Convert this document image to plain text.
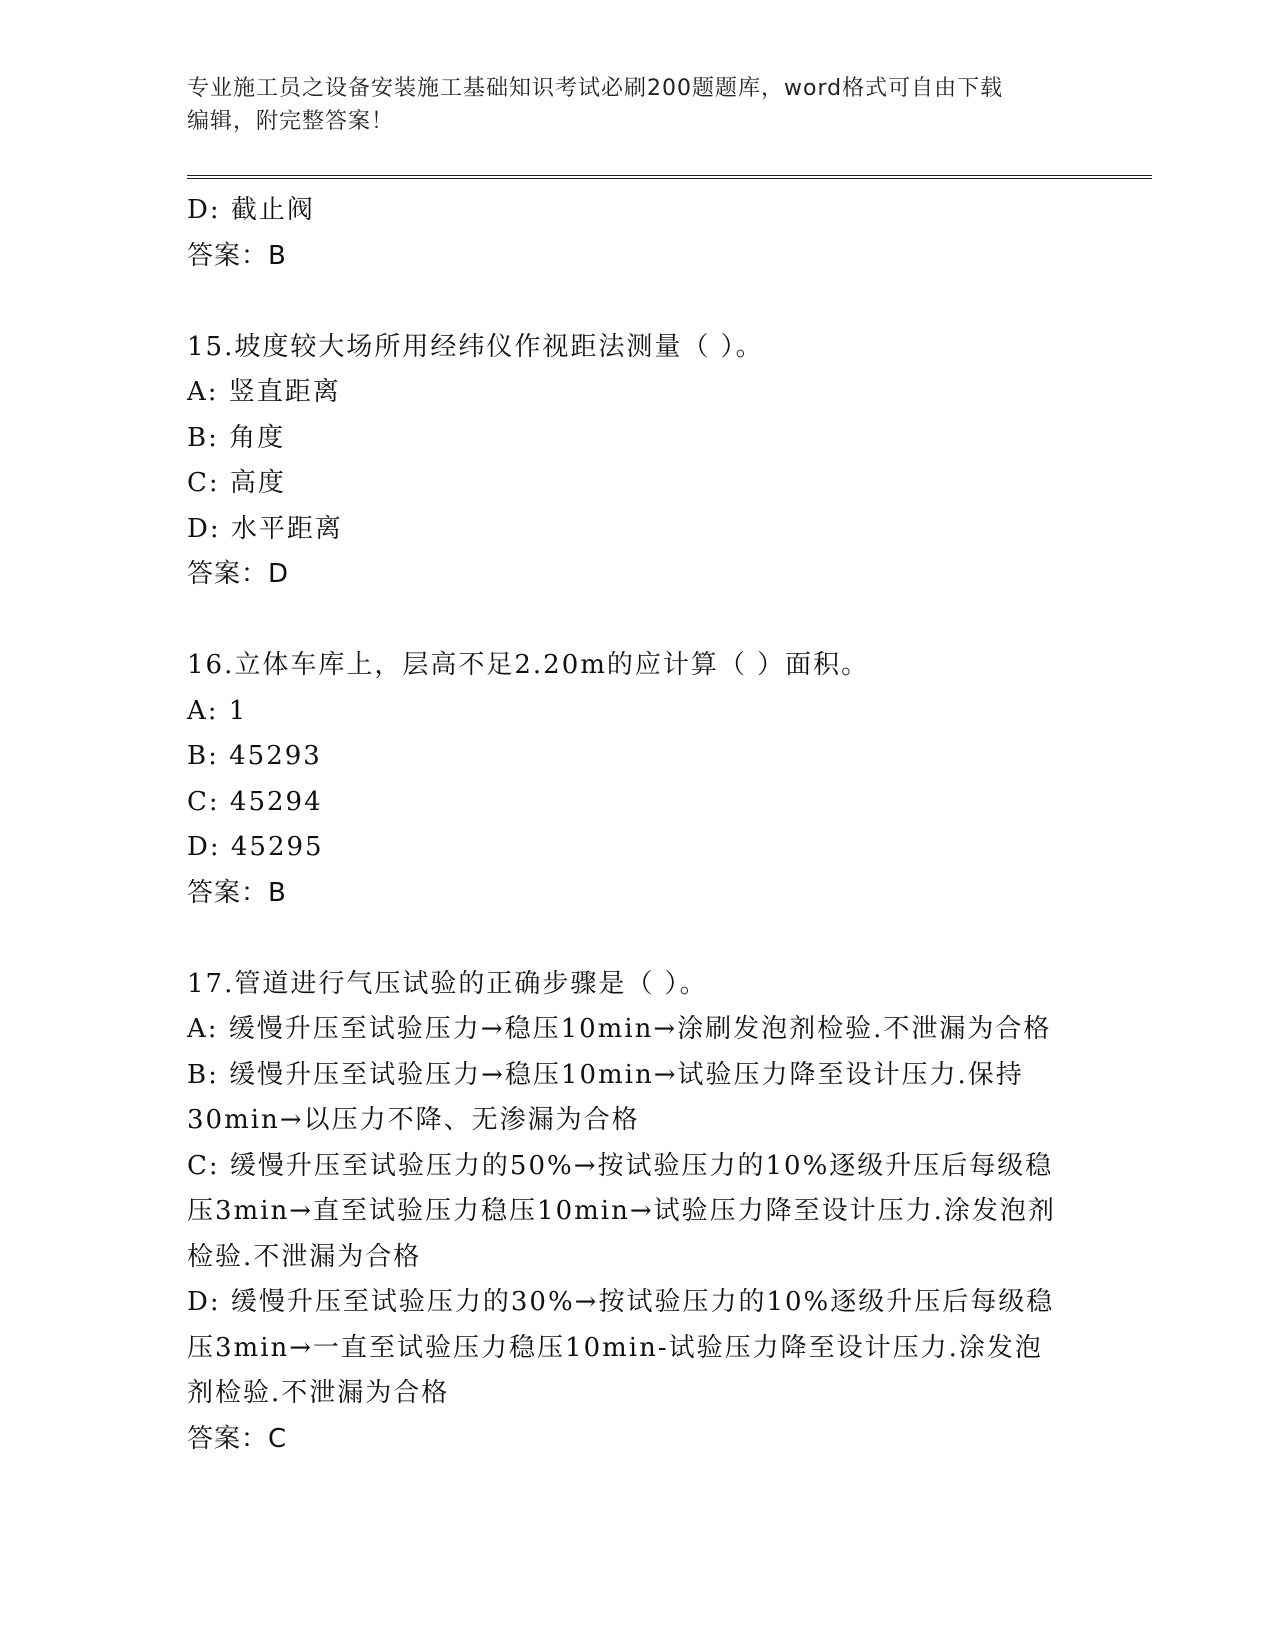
专业施工员之设备安装施工基础知识考试必刷200题题库，word格式可自由下载
编辑，附完整答案！
D: 截止阀
答案：B
15.坡度较大场所用经纬仪作视距法测量（ ）。
A: 竖直距离
B: 角度
C: 高度
D: 水平距离
答案：D
16.立体车库上，层高不足2.20m的应计算（ ）面积。
A: 1
B: 45293
C: 45294
D: 45295
答案：B
17.管道进行气压试验的正确步骤是（ ）。
A: 缓慢升压至试验压力→稳压10min→涂刷发泡剂检验.不泄漏为合格
B: 缓慢升压至试验压力→稳压10min→试验压力降至设计压力.保持
30min→以压力不降、无渗漏为合格
C: 缓慢升压至试验压力的50%→按试验压力的10%逐级升压后每级稳
压3min→直至试验压力稳压10min→试验压力降至设计压力.涂发泡剂
检验.不泄漏为合格
D: 缓慢升压至试验压力的30%→按试验压力的10%逐级升压后每级稳
压3min→一直至试验压力稳压10min-试验压力降至设计压力.涂发泡
剂检验.不泄漏为合格
答案：C
